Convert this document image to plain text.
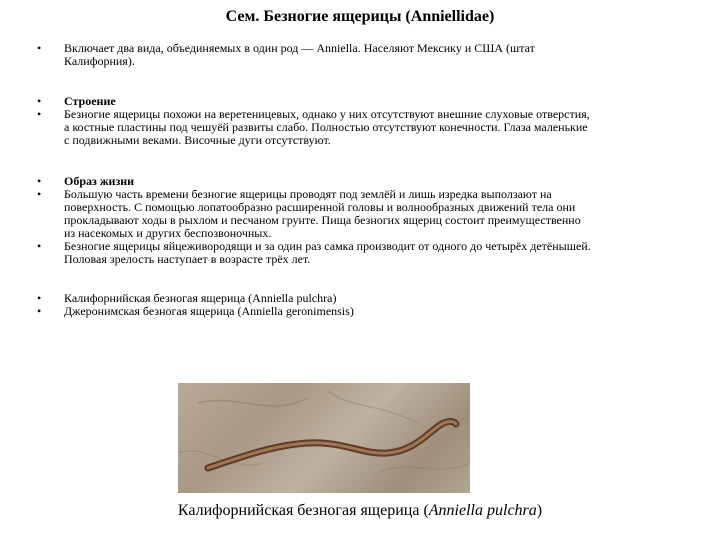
Сем. Безногие ящерицы (Anniellidae)
• Включает два вида, объединяемых в один род — Anniella. Населяют Мексику и США (штат
Калифорния).
• Строение
• Безногие ящерицы похожи на веретеницевых, однако у них отсутствуют внешние слуховые отверстия,
а костные пластины под чешуёй развиты слабо. Полностью отсутствуют конечности. Глаза маленькие
с подвижными веками. Височные дуги отсутствуют.
• Образ жизни
• Большую часть времени безногие ящерицы проводят под землёй и лишь изредка выползают на
поверхность. С помощью лопатообразно расширенной головы и волнообразных движений тела они
прокладывают ходы в рыхлом и песчаном грунте. Пища безногих ящериц состоит преимущественно
из насекомых и других беспозвоночных.
• Безногие ящерицы яйцеживородящи и за один раз самка производит от одного до четырёх детёнышей.
Половая зрелость наступает в возрасте трёх лет.
• Калифорнийская безногая ящерица (Anniella pulchra)
• Джеронимская безногая ящерица (Anniella geronimensis)
Калифорнийская безногая ящерица (Anniella pulchra)
